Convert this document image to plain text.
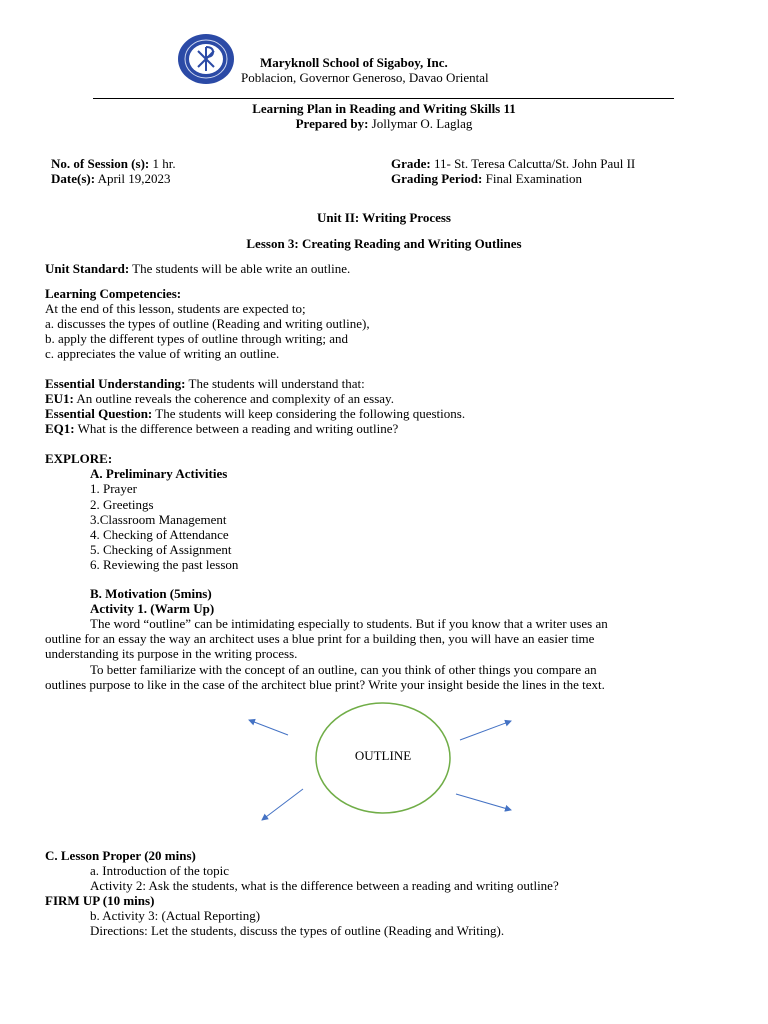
Maryknoll School of Sigaboy, Inc.
Poblacion, Governor Generoso, Davao Oriental
Learning Plan in Reading and Writing Skills 11
Prepared by: Jollymar O. Laglag
No. of Session (s): 1 hr.
Date(s): April 19,2023
Grade: 11- St. Teresa Calcutta/St. John Paul II
Grading Period: Final Examination
Unit II: Writing Process
Lesson 3: Creating Reading and Writing Outlines
Unit Standard: The students will be able write an outline.
Learning Competencies:
At the end of this lesson, students are expected to;
a. discusses the types of outline (Reading and writing outline),
b. apply the different types of outline through writing; and
c. appreciates the value of writing an outline.
Essential Understanding: The students will understand that:
EU1: An outline reveals the coherence and complexity of an essay.
Essential Question: The students will keep considering the following questions.
EQ1: What is the difference between a reading and writing outline?
EXPLORE:
A. Preliminary Activities
1. Prayer
2. Greetings
3.Classroom Management
4. Checking of Attendance
5. Checking of Assignment
6. Reviewing the past lesson
B. Motivation (5mins)
Activity 1. (Warm Up)
The word “outline” can be intimidating especially to students. But if you know that a writer uses an
outline for an essay the way an architect uses a blue print for a building then, you will have an easier time
understanding its purpose in the writing process.
To better familiarize with the concept of an outline, can you think of other things you compare an
outlines purpose to like in the case of the architect blue print? Write your insight beside the lines in the text.
OUTLINE
C. Lesson Proper (20 mins)
a. Introduction of the topic
Activity 2: Ask the students, what is the difference between a reading and writing outline?
FIRM UP (10 mins)
b. Activity 3: (Actual Reporting)
Directions: Let the students, discuss the types of outline (Reading and Writing).
